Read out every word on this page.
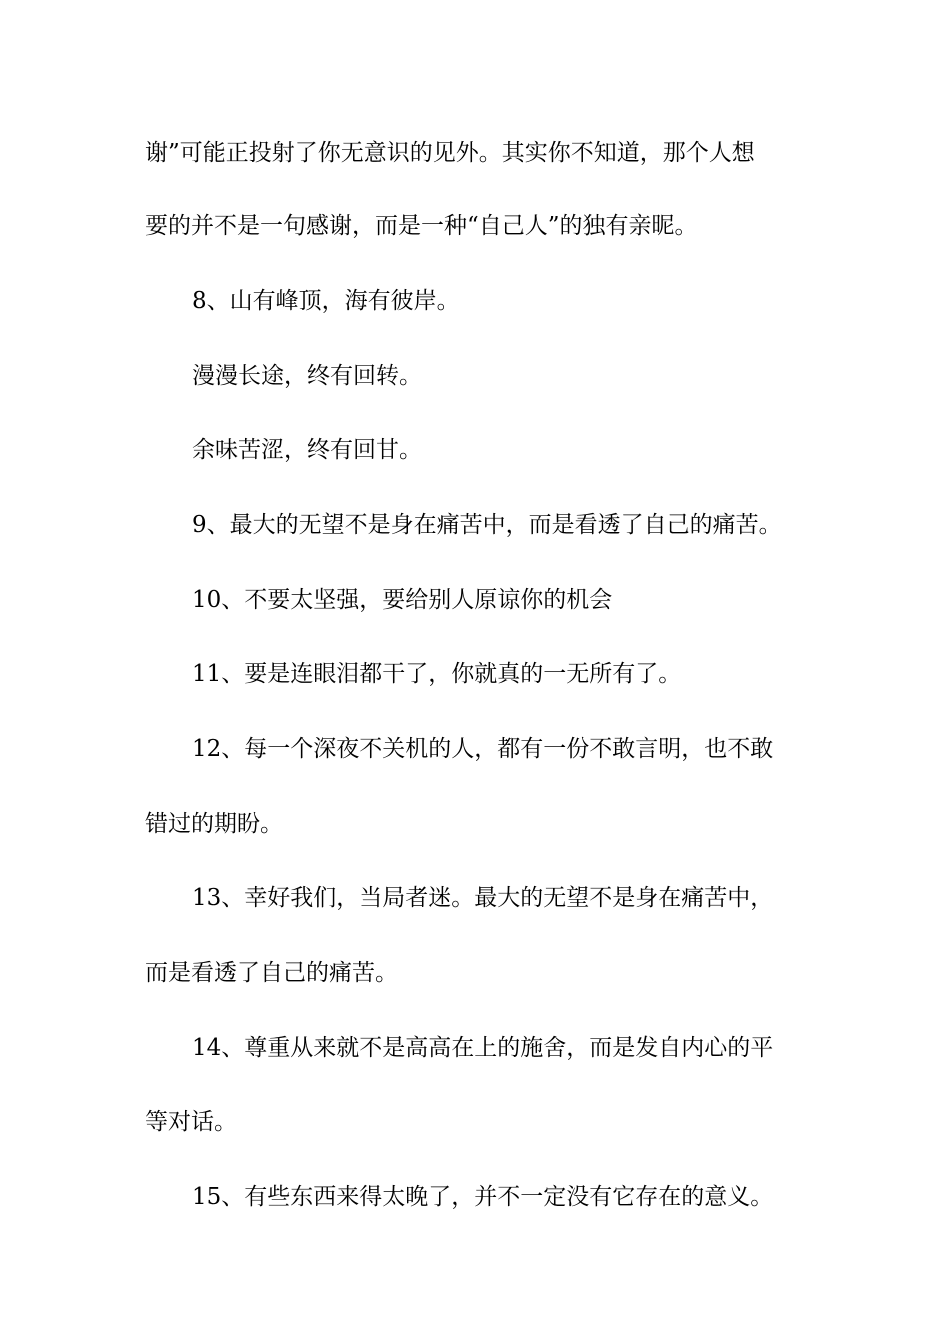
谢”可能正投射了你无意识的见外。其实你不知道，那个人想
要的并不是一句感谢，而是一种“自己人”的独有亲昵。
8、山有峰顶，海有彼岸。
漫漫长途，终有回转。
余味苦涩，终有回甘。
9、最大的无望不是身在痛苦中，而是看透了自己的痛苦。
10、不要太坚强，要给别人原谅你的机会
11、要是连眼泪都干了，你就真的一无所有了。
12、每一个深夜不关机的人，都有一份不敢言明，也不敢
错过的期盼。
13、幸好我们，当局者迷。最大的无望不是身在痛苦中，
而是看透了自己的痛苦。
14、尊重从来就不是高高在上的施舍，而是发自内心的平
等对话。
15、有些东西来得太晚了，并不一定没有它存在的意义。
